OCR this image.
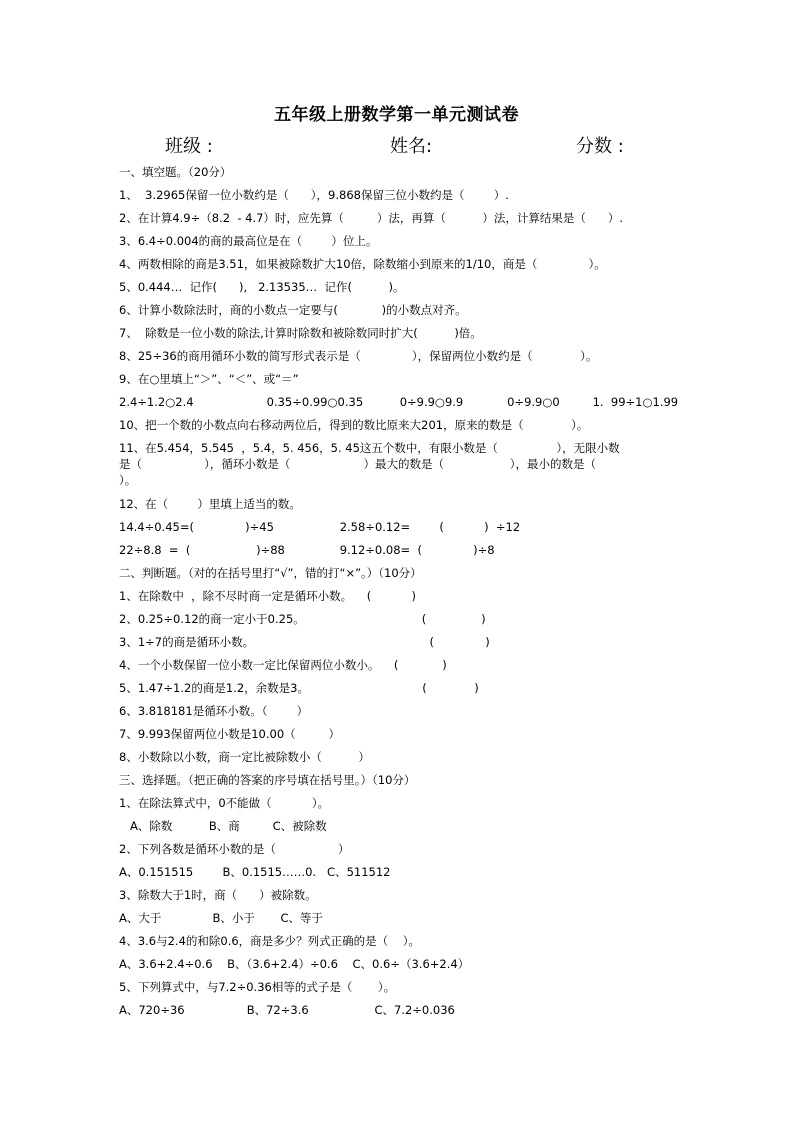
五年级上册数学第一单元测试卷
班级 :	姓名:	分数 :
一、填空题。（20分）
1、  3.2965保留一位小数约是（      ），9.868保留三位小数约是（        ）.
2、在计算4.9÷（8.2  - 4.7）时，应先算（         ）法，再算（          ）法，计算结果是（      ）.
3、6.4÷0.004的商的最高位是在（        ）位上。
4、两数相除的商是3.51，如果被除数扩大10倍，除数缩小到原来的1/10，商是（              ）。
5、0.444…  记作(      ),   2.13535…  记作(          )。
6、计算小数除法时，商的小数点一定要与(            )的小数点对齐。
7、  除数是一位小数的除法,计算时除数和被除数同时扩大(          )倍。
8、25÷36的商用循环小数的简写形式表示是（              ），保留两位小数约是（             ）。
9、在○里填上“＞”、“＜”、或“＝”
2.4÷1.2○2.4                    0.35÷0.99○0.35          0÷9.9○9.9            0÷9.9○0         1.  99÷1○1.99
10、把一个数的小数点向右移动两位后，得到的数比原来大201，原来的数是（             ）。
11、在5.454，5.545  ，5.4，5. 456，5. 45这五个数中，有限小数是（                ），无限小数
是（                 ），循环小数是（                    ）最大的数是（                  ），最小的数是（
）。
12、在（        ）里填上适当的数。
14.4÷0.45=(              )÷45                  2.58÷0.12=        (           )  ÷12
22÷8.8  =  (                  )÷88               9.12÷0.08=  (              )÷8
二、判断题。（对的在括号里打“√”，错的打“×”。）（10分）
1、在除数中  ，除不尽时商一定是循环小数。    (           )
2、0.25÷0.12的商一定小于0.25。                                (               )
3、1÷7的商是循环小数。                                                (              )
4、一个小数保留一位小数一定比保留两位小数小。    (            )
5、1.47÷1.2的商是1.2，余数是3。                               (             )
6、3.818181是循环小数。（        ）
7、9.993保留两位小数是10.00（         ）
8、小数除以小数，商一定比被除数小（          ）
三、选择题。（把正确的答案的序号填在括号里。）（10分）
1、在除法算式中，0不能做（           ）。
A、除数          B、商         C、被除数
2、下列各数是循环小数的是（                 ）
A、0.151515        B、0.1515……0.   C、511512
3、除数大于1时，商（      ）被除数。
A、大于              B、小于       C、等于
4、3.6与2.4的和除0.6，商是多少？列式正确的是（    ）。
A、3.6+2.4÷0.6    B、（3.6+2.4）÷0.6    C、0.6÷（3.6+2.4）
5、下列算式中，与7.2÷0.36相等的式子是（       ）。
A、720÷36                 B、72÷3.6                  C、7.2÷0.036
